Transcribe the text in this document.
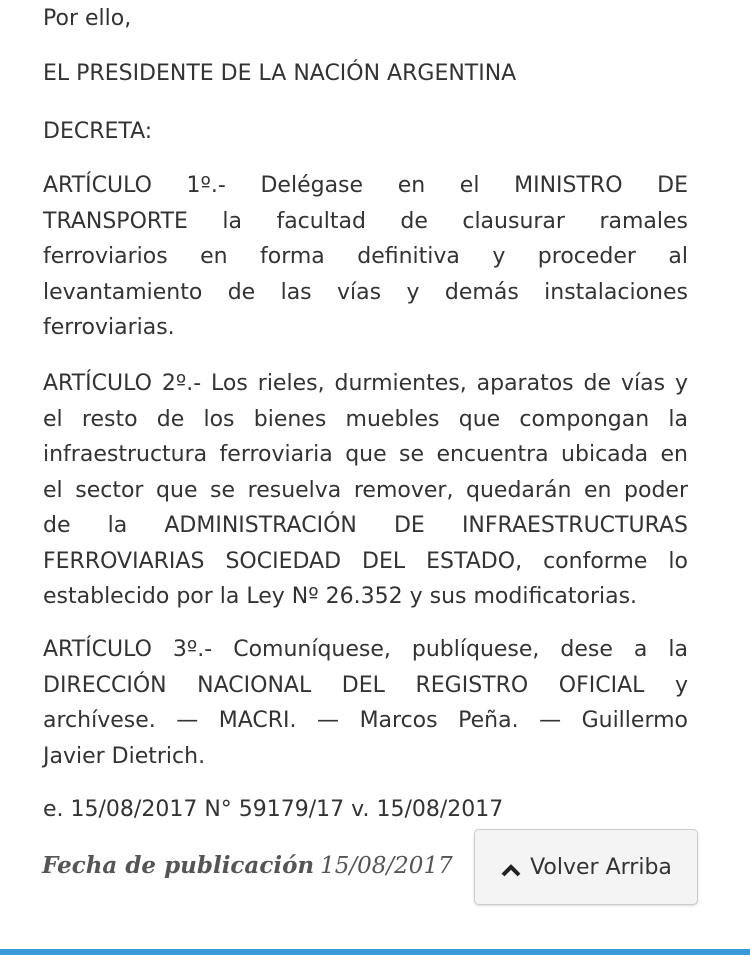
Por ello,

EL PRESIDENTE DE LA NACIÓN ARGENTINA

DECRETA:

ARTÍCULO 1º.- Delégase en el MINISTRO DE
TRANSPORTE la facultad de clausurar ramales
ferroviarios en forma definitiva y proceder al
levantamiento de las vías y demás instalaciones
ferroviarias.

ARTÍCULO 2º.- Los rieles, durmientes, aparatos de vías y
el resto de los bienes muebles que compongan la
infraestructura ferroviaria que se encuentra ubicada en
el sector que se resuelva remover, quedarán en poder
de la ADMINISTRACIÓN DE INFRAESTRUCTURAS
FERROVIARIAS SOCIEDAD DEL ESTADO, conforme lo
establecido por la Ley Nº 26.352 y sus modificatorias.

ARTÍCULO 3º.- Comuníquese, publíquese, dese a la
DIRECCIÓN NACIONAL DEL REGISTRO OFICIAL y
archívese. — MACRI. — Marcos Peña. — Guillermo
Javier Dietrich.

e. 15/08/2017 N° 59179/17 v. 15/08/2017

Fecha de publicación 15/08/2017	Volver Arriba
